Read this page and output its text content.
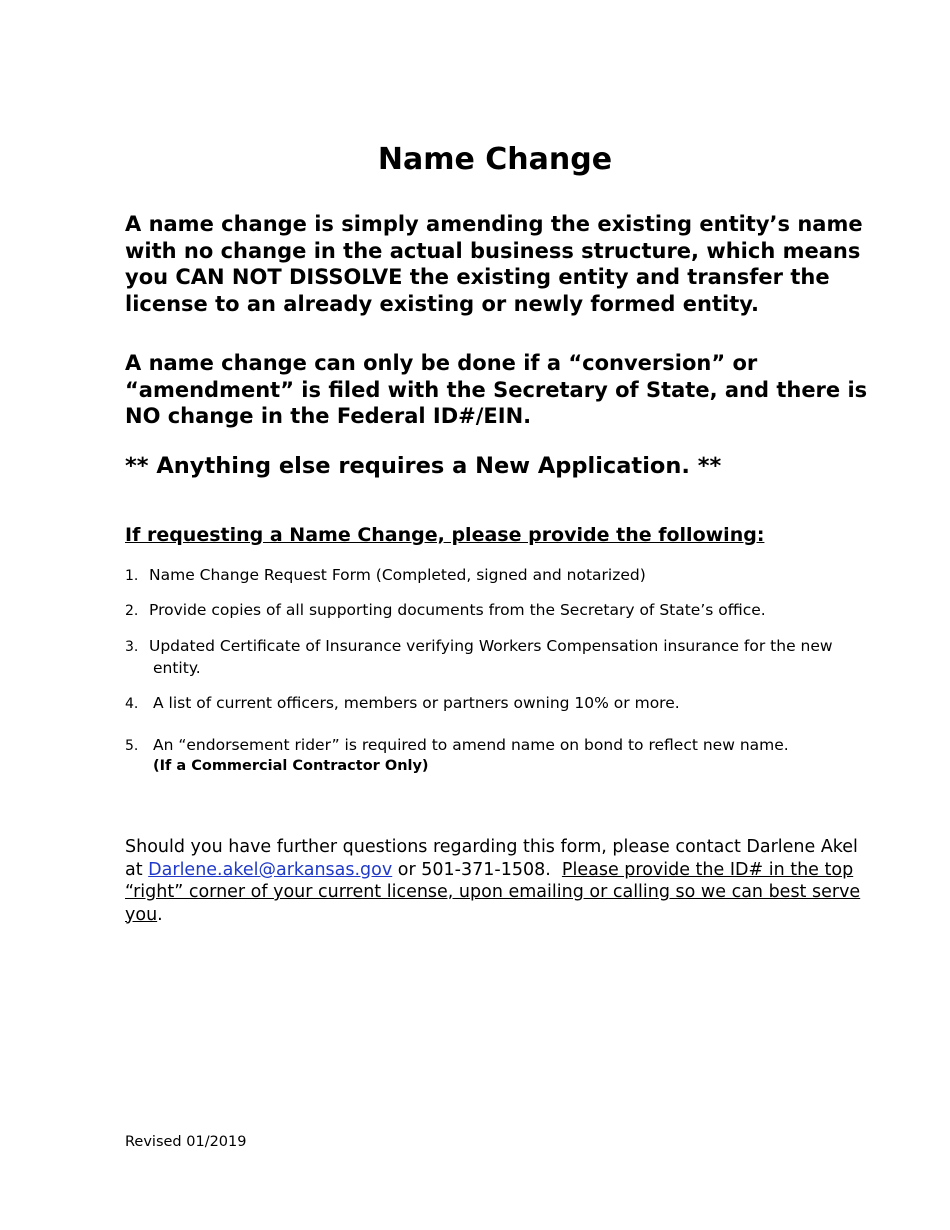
Name Change

A name change is simply amending the existing entity’s name with no change in the actual business structure, which means you CAN NOT DISSOLVE the existing entity and transfer the license to an already existing or newly formed entity.

A name change can only be done if a “conversion” or “amendment” is filed with the Secretary of State, and there is NO change in the Federal ID#/EIN.

** Anything else requires a New Application. **

If requesting a Name Change, please provide the following:
1. Name Change Request Form (Completed, signed and notarized)
2. Provide copies of all supporting documents from the Secretary of State’s office.
3. Updated Certificate of Insurance verifying Workers Compensation insurance for the new
entity.
4. A list of current officers, members or partners owning 10% or more.
5. An “endorsement rider” is required to amend name on bond to reflect new name.
(If a Commercial Contractor Only)

Should you have further questions regarding this form, please contact Darlene Akel at Darlene.akel@arkansas.gov or 501-371-1508.  Please provide the ID# in the top “right” corner of your current license, upon emailing or calling so we can best serve you.

Revised 01/2019
